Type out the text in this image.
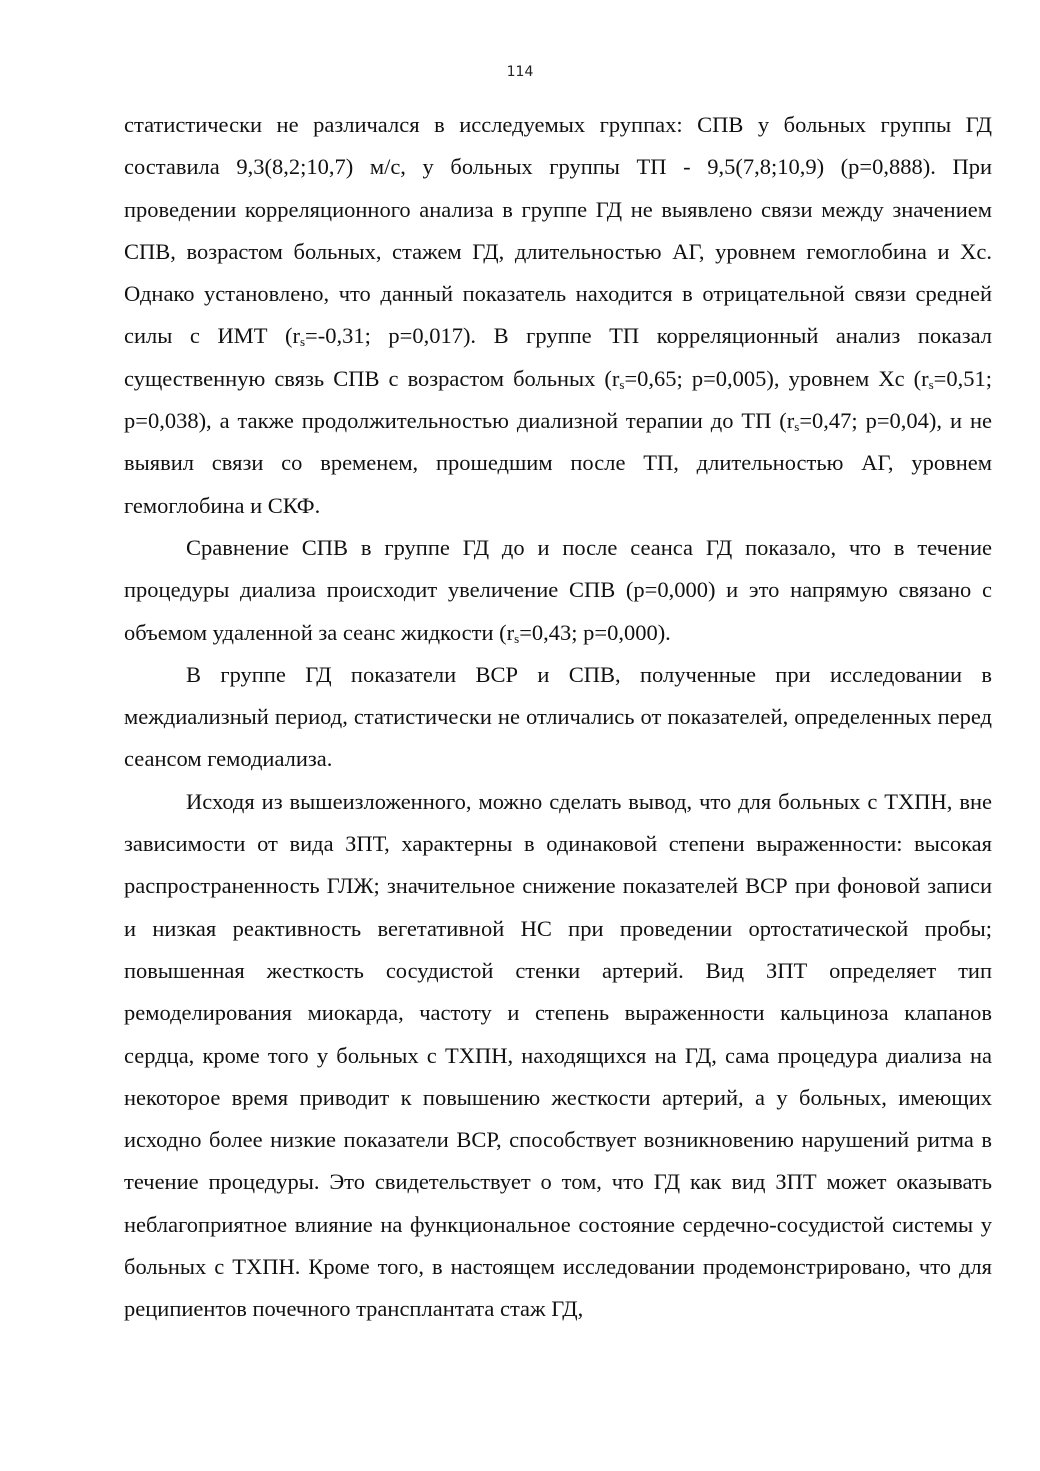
114

статистически не различался в исследуемых группах: СПВ у больных группы ГД составила 9,3(8,2;10,7) м/с, у больных группы ТП - 9,5(7,8;10,9) (p=0,888). При проведении корреляционного анализа в группе ГД не выявлено связи между значением СПВ, возрастом больных, стажем ГД, длительностью АГ, уровнем гемоглобина и Хс. Однако установлено, что данный показатель находится в отрицательной связи средней силы с ИМТ ($r_s=-0,31$; p=0,017). В группе ТП корреляционный анализ показал существенную связь СПВ с возрастом больных ($r_s=0,65$; p=0,005), уровнем Хс ($r_s=0,51$; p=0,038), а также продолжительностью диализной терапии до ТП ($r_s=0,47$; p=0,04), и не выявил связи со временем, прошедшим после ТП, длительностью АГ, уровнем гемоглобина и СКФ.

Сравнение СПВ в группе ГД до и после сеанса ГД показало, что в течение процедуры диализа происходит увеличение СПВ (p=0,000) и это напрямую связано с объемом удаленной за сеанс жидкости ($r_s=0,43$; p=0,000).

В группе ГД показатели ВСР и СПВ, полученные при исследовании в междиализный период, статистически не отличались от показателей, определенных перед сеансом гемодиализа.

Исходя из вышеизложенного, можно сделать вывод, что для больных с ТХПН, вне зависимости от вида ЗПТ, характерны в одинаковой степени выраженности: высокая распространенность ГЛЖ; значительное снижение показателей ВСР при фоновой записи и низкая реактивность вегетативной НС при проведении ортостатической пробы; повышенная жесткость сосудистой стенки артерий. Вид ЗПТ определяет тип ремоделирования миокарда, частоту и степень выраженности кальциноза клапанов сердца, кроме того у больных с ТХПН, находящихся на ГД, сама процедура диализа на некоторое время приводит к повышению жесткости артерий, а у больных, имеющих исходно более низкие показатели ВСР, способствует возникновению нарушений ритма в течение процедуры. Это свидетельствует о том, что ГД как вид ЗПТ может оказывать неблагоприятное влияние на функциональное состояние сердечно-сосудистой системы у больных с ТХПН. Кроме того, в настоящем исследовании продемонстрировано, что для реципиентов почечного трансплантата стаж ГД,
